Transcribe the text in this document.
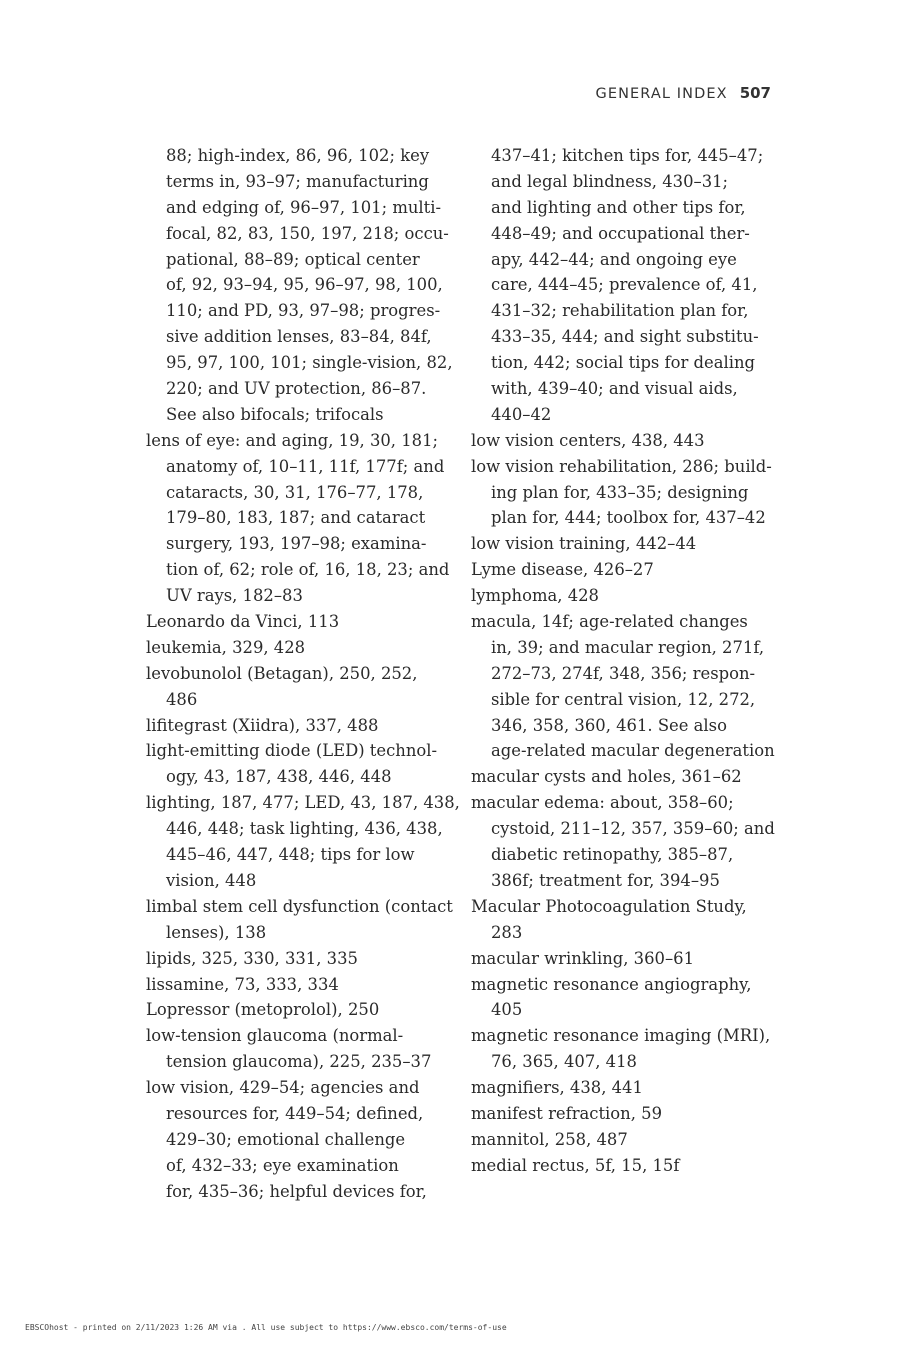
GENERAL INDEX 507
88; high-index, 86, 96, 102; key
terms in, 93–97; manufacturing
and edging of, 96–97, 101; multi-
focal, 82, 83, 150, 197, 218; occu-
pational, 88–89; optical center
of, 92, 93–94, 95, 96–97, 98, 100,
110; and PD, 93, 97–98; progres-
sive addition lenses, 83–84, 84f,
95, 97, 100, 101; single-vision, 82,
220; and UV protection, 86–87.
See also bifocals; trifocals
lens of eye: and aging, 19, 30, 181;
anatomy of, 10–11, 11f, 177f; and
cataracts, 30, 31, 176–77, 178,
179–80, 183, 187; and cataract
surgery, 193, 197–98; examina-
tion of, 62; role of, 16, 18, 23; and
UV rays, 182–83
Leonardo da Vinci, 113
leukemia, 329, 428
levobunolol (Betagan), 250, 252,
486
lifitegrast (Xiidra), 337, 488
light-emitting diode (LED) technol-
ogy, 43, 187, 438, 446, 448
lighting, 187, 477; LED, 43, 187, 438,
446, 448; task lighting, 436, 438,
445–46, 447, 448; tips for low
vision, 448
limbal stem cell dysfunction (contact
lenses), 138
lipids, 325, 330, 331, 335
lissamine, 73, 333, 334
Lopressor (metoprolol), 250
low-tension glaucoma (normal-
tension glaucoma), 225, 235–37
low vision, 429–54; agencies and
resources for, 449–54; defined,
429–30; emotional challenge
of, 432–33; eye examination
for, 435–36; helpful devices for,
437–41; kitchen tips for, 445–47;
and legal blindness, 430–31;
and lighting and other tips for,
448–49; and occupational ther-
apy, 442–44; and ongoing eye
care, 444–45; prevalence of, 41,
431–32; rehabilitation plan for,
433–35, 444; and sight substitu-
tion, 442; social tips for dealing
with, 439–40; and visual aids,
440–42
low vision centers, 438, 443
low vision rehabilitation, 286; build-
ing plan for, 433–35; designing
plan for, 444; toolbox for, 437–42
low vision training, 442–44
Lyme disease, 426–27
lymphoma, 428
macula, 14f; age-related changes
in, 39; and macular region, 271f,
272–73, 274f, 348, 356; respon-
sible for central vision, 12, 272,
346, 358, 360, 461. See also
age-related macular degeneration
macular cysts and holes, 361–62
macular edema: about, 358–60;
cystoid, 211–12, 357, 359–60; and
diabetic retinopathy, 385–87,
386f; treatment for, 394–95
Macular Photocoagulation Study,
283
macular wrinkling, 360–61
magnetic resonance angiography,
405
magnetic resonance imaging (MRI),
76, 365, 407, 418
magnifiers, 438, 441
manifest refraction, 59
mannitol, 258, 487
medial rectus, 5f, 15, 15f
EBSCOhost - printed on 2/11/2023 1:26 AM via . All use subject to https://www.ebsco.com/terms-of-use
